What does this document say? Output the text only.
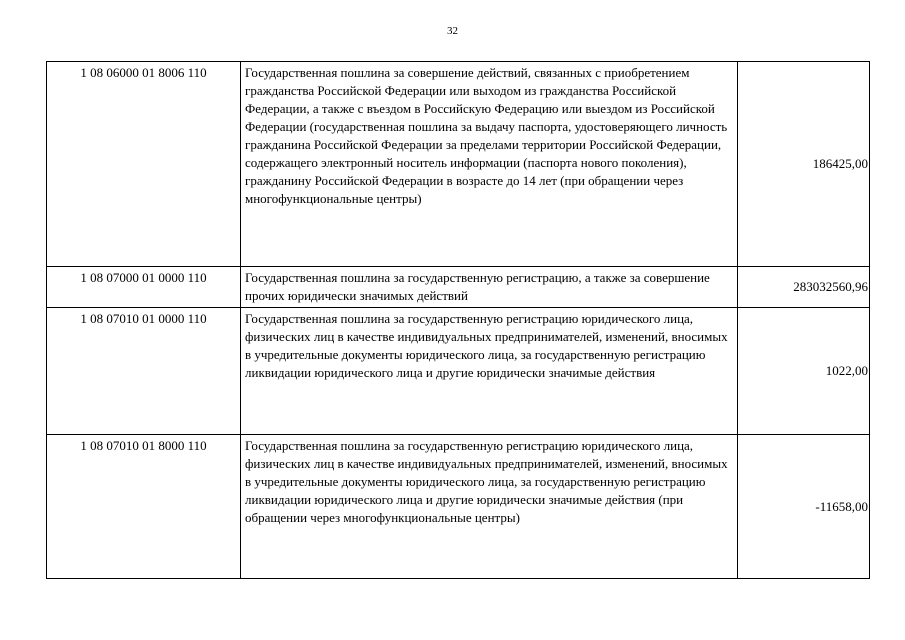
32
1 08 06000 01 8006 110	Государственная пошлина за совершение действий, связанных с приобретением гражданства Российской Федерации или выходом из гражданства Российской Федерации, а также с въездом в Российскую Федерацию или выездом из Российской Федерации (государственная пошлина за выдачу паспорта, удостоверяющего личность гражданина Российской Федерации за пределами территории Российской Федерации, содержащего электронный носитель информации (паспорта нового поколения), гражданину Российской Федерации в возрасте до 14 лет (при обращении через многофункциональные центры)	186425,00
1 08 07000 01 0000 110	Государственная пошлина за государственную регистрацию, а также за совершение прочих юридически значимых действий	283032560,96
1 08 07010 01 0000 110	Государственная пошлина за государственную регистрацию юридического лица, физических лиц в качестве индивидуальных предпринимателей, изменений, вносимых в учредительные документы юридического лица, за государственную регистрацию ликвидации юридического лица и другие юридически значимые действия	1022,00
1 08 07010 01 8000 110	Государственная пошлина за государственную регистрацию юридического лица, физических лиц в качестве индивидуальных предпринимателей, изменений, вносимых в учредительные документы юридического лица, за государственную регистрацию ликвидации юридического лица и другие юридически значимые действия (при обращении через многофункциональные центры)	-11658,00
